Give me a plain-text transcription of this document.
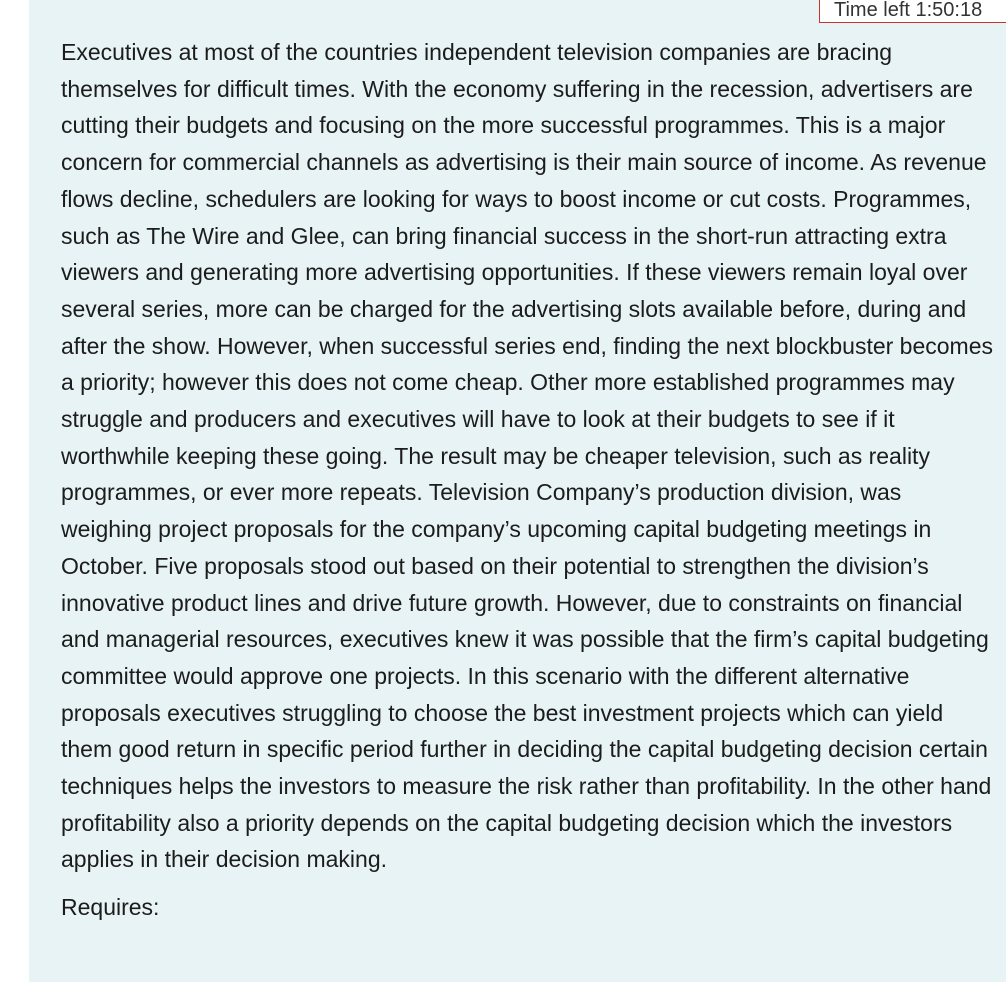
Executives at most of the countries independent television companies are bracing themselves for difficult times. With the economy suffering in the recession, advertisers are cutting their budgets and focusing on the more successful programmes. This is a major concern for commercial channels as advertising is their main source of income. As revenue flows decline, schedulers are looking for ways to boost income or cut costs. Programmes, such as The Wire and Glee, can bring financial success in the short-run attracting extra viewers and generating more advertising opportunities. If these viewers remain loyal over several series, more can be charged for the advertising slots available before, during and after the show. However, when successful series end, finding the next blockbuster becomes a priority; however this does not come cheap. Other more established programmes may struggle and producers and executives will have to look at their budgets to see if it worthwhile keeping these going. The result may be cheaper television, such as reality programmes, or ever more repeats. Television Company’s production division, was weighing project proposals for the company’s upcoming capital budgeting meetings in October. Five proposals stood out based on their potential to strengthen the division’s innovative product lines and drive future growth. However, due to constraints on financial and managerial resources, executives knew it was possible that the firm’s capital budgeting committee would approve one projects. In this scenario with the different alternative proposals executives struggling to choose the best investment projects which can yield them good return in specific period further in deciding the capital budgeting decision certain techniques helps the investors to measure the risk rather than profitability. In the other hand profitability also a priority depends on the capital budgeting decision which the investors applies in their decision making.

Requires:

Time left 1:50:18
